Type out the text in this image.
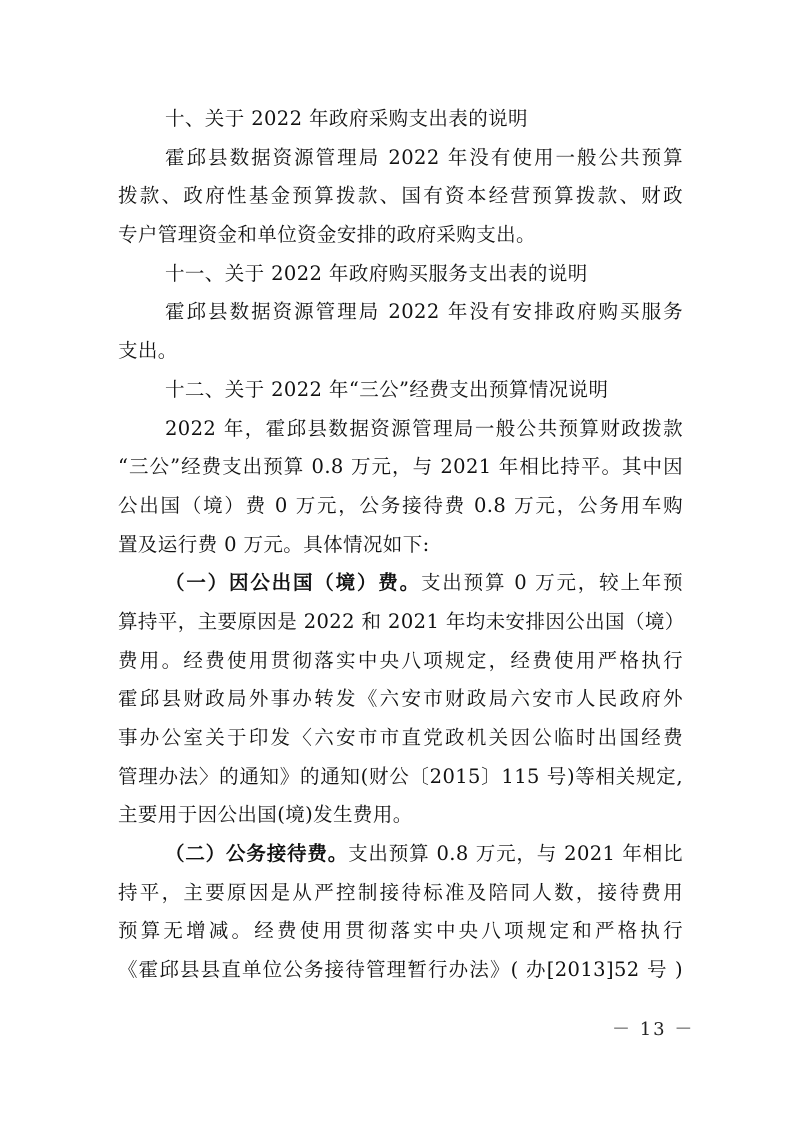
十、关于 2022 年政府采购支出表的说明
霍邱县数据资源管理局 2022 年没有使用一般公共预算
拨款、政府性基金预算拨款、国有资本经营预算拨款、财政
专户管理资金和单位资金安排的政府采购支出。
十一、关于 2022 年政府购买服务支出表的说明
霍邱县数据资源管理局 2022 年没有安排政府购买服务
支出。
十二、关于 2022 年“三公”经费支出预算情况说明
2022 年，霍邱县数据资源管理局一般公共预算财政拨款
“三公”经费支出预算 0.8 万元，与 2021 年相比持平。其中因
公出国（境）费 0 万元，公务接待费 0.8 万元，公务用车购
置及运行费 0 万元。具体情况如下:
（一）因公出国（境）费。支出预算 0 万元，较上年预
算持平，主要原因是 2022 和 2021 年均未安排因公出国（境）
费用。经费使用贯彻落实中央八项规定，经费使用严格执行
霍邱县财政局外事办转发《六安市财政局六安市人民政府外
事办公室关于印发〈六安市市直党政机关因公临时出国经费
管理办法〉的通知》的通知(财公〔2015〕115 号)等相关规定,
主要用于因公出国(境)发生费用。
（二）公务接待费。支出预算 0.8 万元，与 2021 年相比
持平，主要原因是从严控制接待标准及陪同人数，接待费用
预算无增减。经费使用贯彻落实中央八项规定和严格执行
《霍邱县县直单位公务接待管理暂行办法》( 办[2013]52 号 )
－ 13 －
